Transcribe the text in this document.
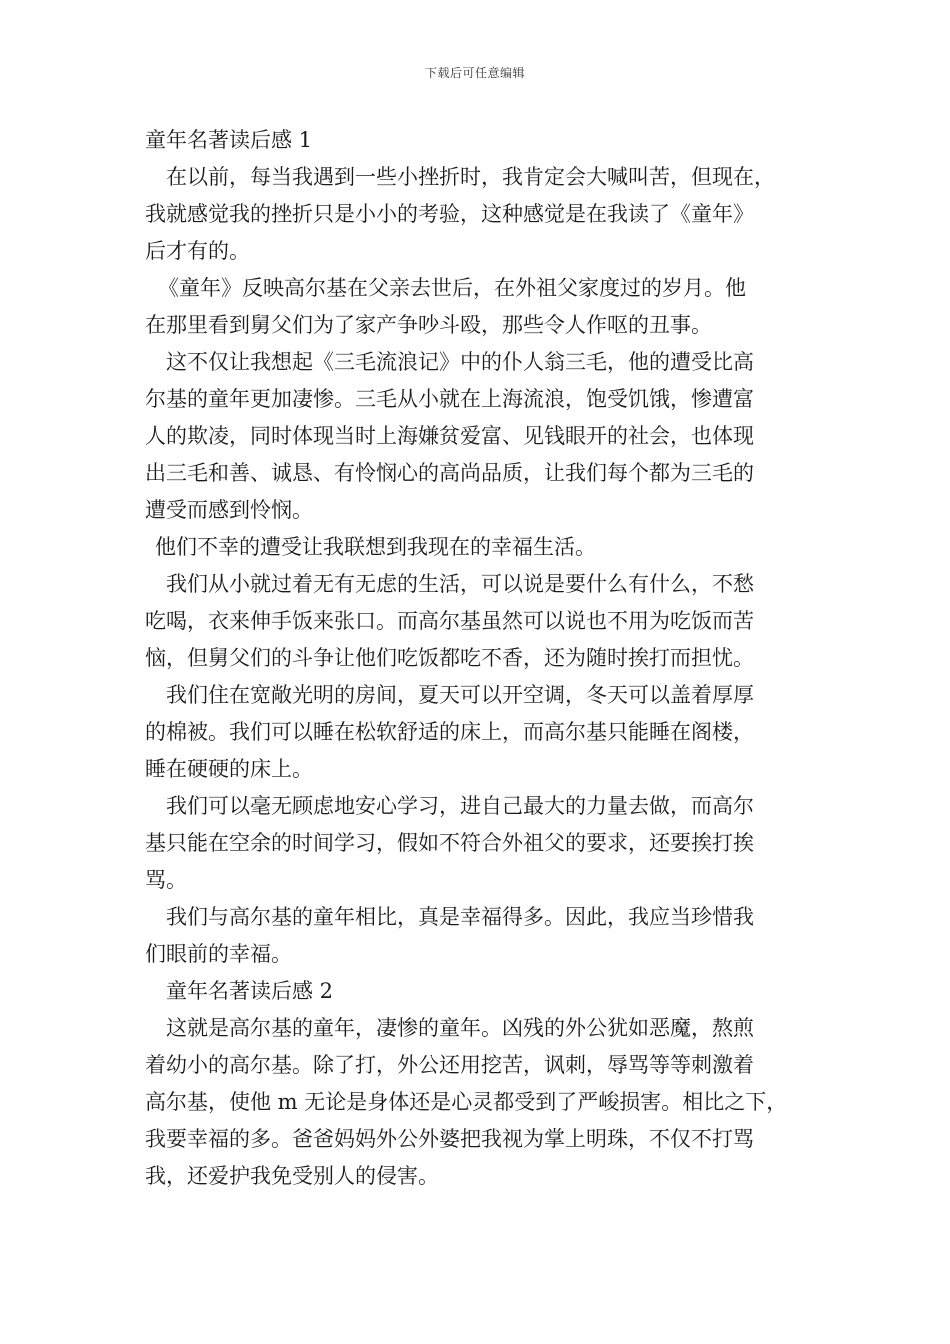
下载后可任意编辑

童年名著读后感 1

在以前，每当我遇到一些小挫折时，我肯定会大喊叫苦，但现在，

我就感觉我的挫折只是小小的考验，这种感觉是在我读了《童年》

后才有的。

《童年》反映高尔基在父亲去世后，在外祖父家度过的岁月。他

在那里看到舅父们为了家产争吵斗殴，那些令人作呕的丑事。

这不仅让我想起《三毛流浪记》中的仆人翁三毛，他的遭受比高

尔基的童年更加凄惨。三毛从小就在上海流浪，饱受饥饿，惨遭富

人的欺凌，同时体现当时上海嫌贫爱富、见钱眼开的社会，也体现

出三毛和善、诚恳、有怜悯心的高尚品质，让我们每个都为三毛的

遭受而感到怜悯。

他们不幸的遭受让我联想到我现在的幸福生活。

我们从小就过着无有无虑的生活，可以说是要什么有什么，不愁

吃喝，衣来伸手饭来张口。而高尔基虽然可以说也不用为吃饭而苦

恼，但舅父们的斗争让他们吃饭都吃不香，还为随时挨打而担忧。

我们住在宽敞光明的房间，夏天可以开空调，冬天可以盖着厚厚

的棉被。我们可以睡在松软舒适的床上，而高尔基只能睡在阁楼，

睡在硬硬的床上。

我们可以毫无顾虑地安心学习，进自己最大的力量去做，而高尔

基只能在空余的时间学习，假如不符合外祖父的要求，还要挨打挨

骂。

我们与高尔基的童年相比，真是幸福得多。因此，我应当珍惜我

们眼前的幸福。

童年名著读后感 2

这就是高尔基的童年，凄惨的童年。凶残的外公犹如恶魔，熬煎

着幼小的高尔基。除了打，外公还用挖苦，讽刺，辱骂等等刺激着

高尔基，使他 m 无论是身体还是心灵都受到了严峻损害。相比之下，

我要幸福的多。爸爸妈妈外公外婆把我视为掌上明珠，不仅不打骂

我，还爱护我免受别人的侵害。
